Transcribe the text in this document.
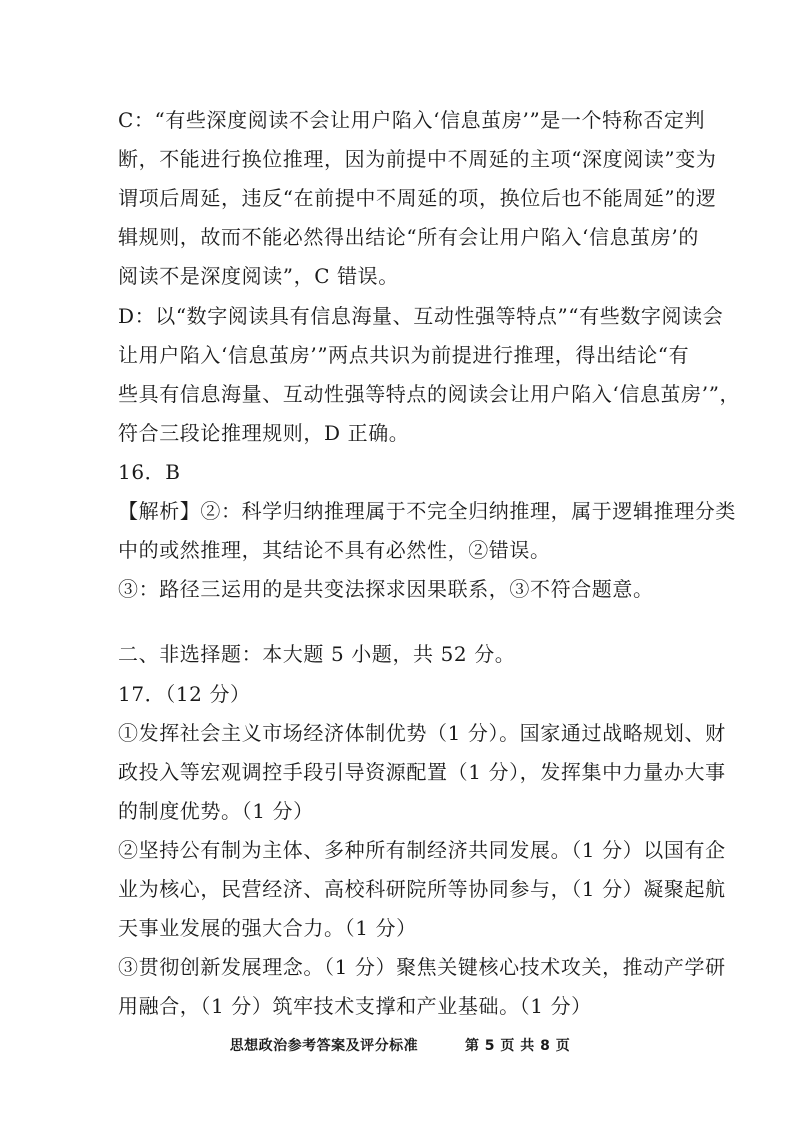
C：“有些深度阅读不会让用户陷入‘信息茧房’”是一个特称否定判
断，不能进行换位推理，因为前提中不周延的主项“深度阅读”变为
谓项后周延，违反“在前提中不周延的项，换位后也不能周延”的逻
辑规则，故而不能必然得出结论“所有会让用户陷入‘信息茧房’的
阅读不是深度阅读”，C 错误。
D：以“数字阅读具有信息海量、互动性强等特点”“有些数字阅读会
让用户陷入‘信息茧房’”两点共识为前提进行推理，得出结论“有
些具有信息海量、互动性强等特点的阅读会让用户陷入‘信息茧房’”，
符合三段论推理规则，D 正确。
16．B
【解析】②：科学归纳推理属于不完全归纳推理，属于逻辑推理分类
中的或然推理，其结论不具有必然性，②错误。
③：路径三运用的是共变法探求因果联系，③不符合题意。
二、非选择题：本大题 5 小题，共 52 分。
17．（12 分）
①发挥社会主义市场经济体制优势（1 分）。国家通过战略规划、财
政投入等宏观调控手段引导资源配置（1 分），发挥集中力量办大事
的制度优势。（1 分）
②坚持公有制为主体、多种所有制经济共同发展。（1 分）以国有企
业为核心，民营经济、高校科研院所等协同参与，（1 分）凝聚起航
天事业发展的强大合力。（1 分）
③贯彻创新发展理念。（1 分）聚焦关键核心技术攻关，推动产学研
用融合，（1 分）筑牢技术支撑和产业基础。（1 分）
思想政治参考答案及评分标准	第 5 页 共 8 页
